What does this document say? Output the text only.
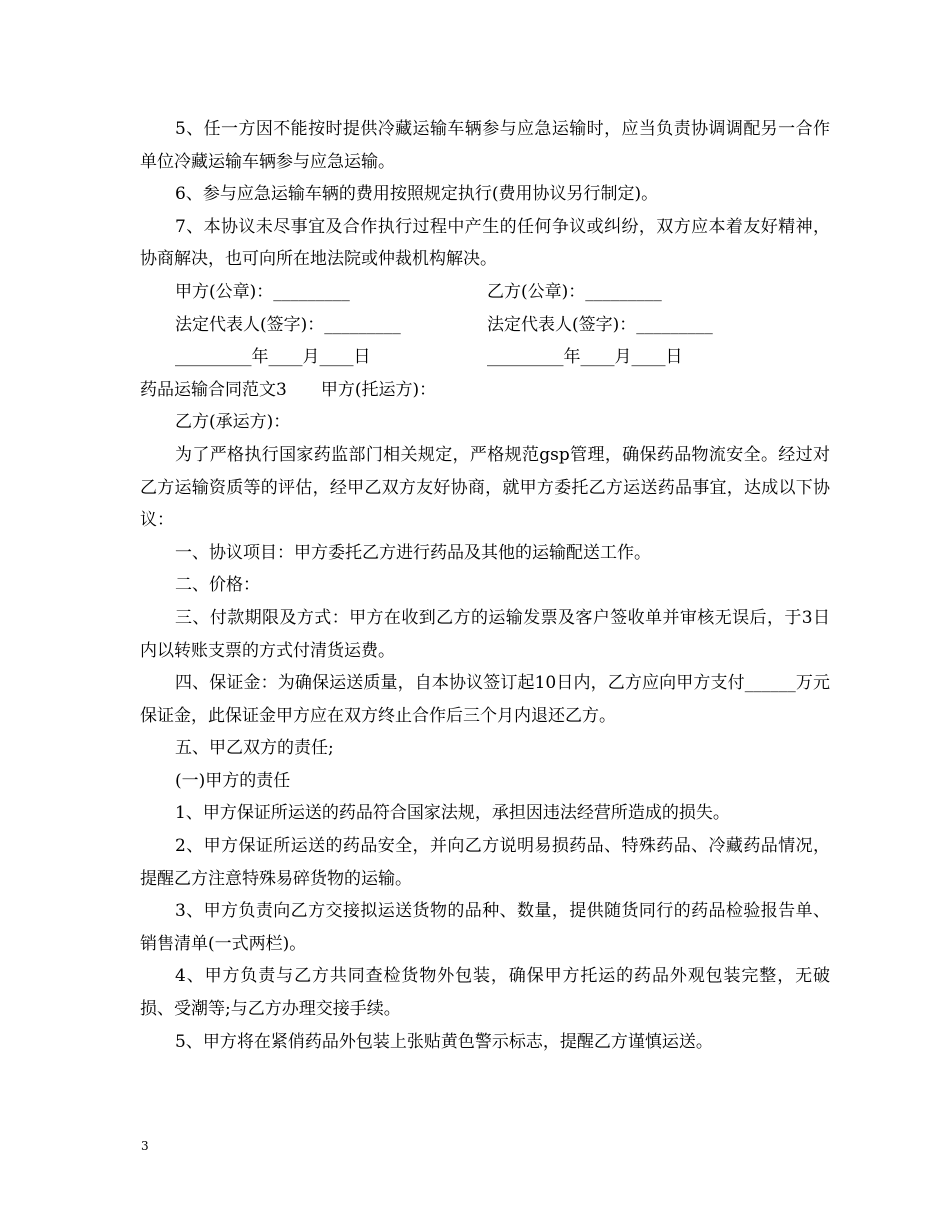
5、任一方因不能按时提供冷藏运输车辆参与应急运输时，应当负责协调调配另一合作单位冷藏运输车辆参与应急运输。

6、参与应急运输车辆的费用按照规定执行(费用协议另行制定)。

7、本协议未尽事宜及合作执行过程中产生的任何争议或纠纷，双方应本着友好精神，协商解决，也可向所在地法院或仲裁机构解决。

甲方(公章)：_________	乙方(公章)：_________
法定代表人(签字)：_________	法定代表人(签字)：_________
_________年____月____日	_________年____月____日

药品运输合同范文3　　甲方(托运方)：

乙方(承运方)：

为了严格执行国家药监部门相关规定，严格规范gsp管理，确保药品物流安全。经过对乙方运输资质等的评估，经甲乙双方友好协商，就甲方委托乙方运送药品事宜，达成以下协议：

一、协议项目：甲方委托乙方进行药品及其他的运输配送工作。

二、价格：

三、付款期限及方式：甲方在收到乙方的运输发票及客户签收单并审核无误后，于3日内以转账支票的方式付清货运费。

四、保证金：为确保运送质量，自本协议签订起10日内，乙方应向甲方支付______万元保证金，此保证金甲方应在双方终止合作后三个月内退还乙方。

五、甲乙双方的责任;

(一)甲方的责任

1、甲方保证所运送的药品符合国家法规，承担因违法经营所造成的损失。

2、甲方保证所运送的药品安全，并向乙方说明易损药品、特殊药品、冷藏药品情况，提醒乙方注意特殊易碎货物的运输。

3、甲方负责向乙方交接拟运送货物的品种、数量，提供随货同行的药品检验报告单、销售清单(一式两栏)。

4、甲方负责与乙方共同查检货物外包装，确保甲方托运的药品外观包装完整，无破损、受潮等;与乙方办理交接手续。

5、甲方将在紧俏药品外包装上张贴黄色警示标志，提醒乙方谨慎运送。

3
